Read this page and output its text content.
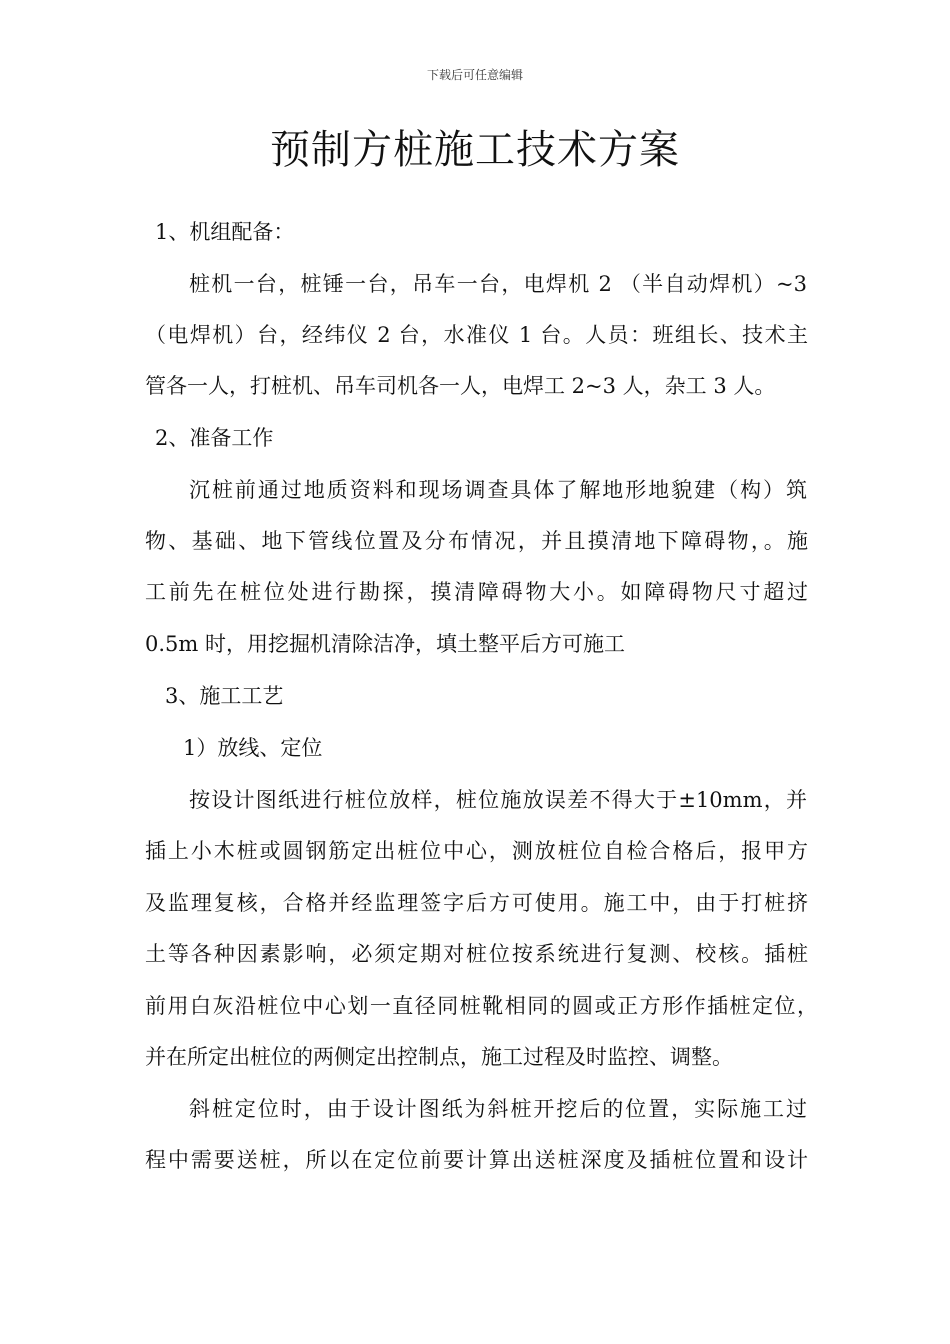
下载后可任意编辑
预制方桩施工技术方案
1、机组配备：
桩机一台，桩锤一台，吊车一台，电焊机 2 （半自动焊机）~3
（电焊机）台，经纬仪 2 台，水准仪 1 台。人员：班组长、技术主
管各一人，打桩机、吊车司机各一人，电焊工 2~3 人，杂工 3 人。
2、准备工作
沉桩前通过地质资料和现场调查具体了解地形地貌建（构）筑
物、基础、地下管线位置及分布情况，并且摸清地下障碍物，。施
工前先在桩位处进行勘探，摸清障碍物大小。如障碍物尺寸超过
0.5m 时，用挖掘机清除洁净，填土整平后方可施工
3、施工工艺
1）放线、定位
按设计图纸进行桩位放样，桩位施放误差不得大于±10mm，并
插上小木桩或圆钢筋定出桩位中心，测放桩位自检合格后，报甲方
及监理复核，合格并经监理签字后方可使用。施工中，由于打桩挤
土等各种因素影响，必须定期对桩位按系统进行复测、校核。插桩
前用白灰沿桩位中心划一直径同桩靴相同的圆或正方形作插桩定位，
并在所定出桩位的两侧定出控制点，施工过程及时监控、调整。
斜桩定位时，由于设计图纸为斜桩开挖后的位置，实际施工过
程中需要送桩，所以在定位前要计算出送桩深度及插桩位置和设计
